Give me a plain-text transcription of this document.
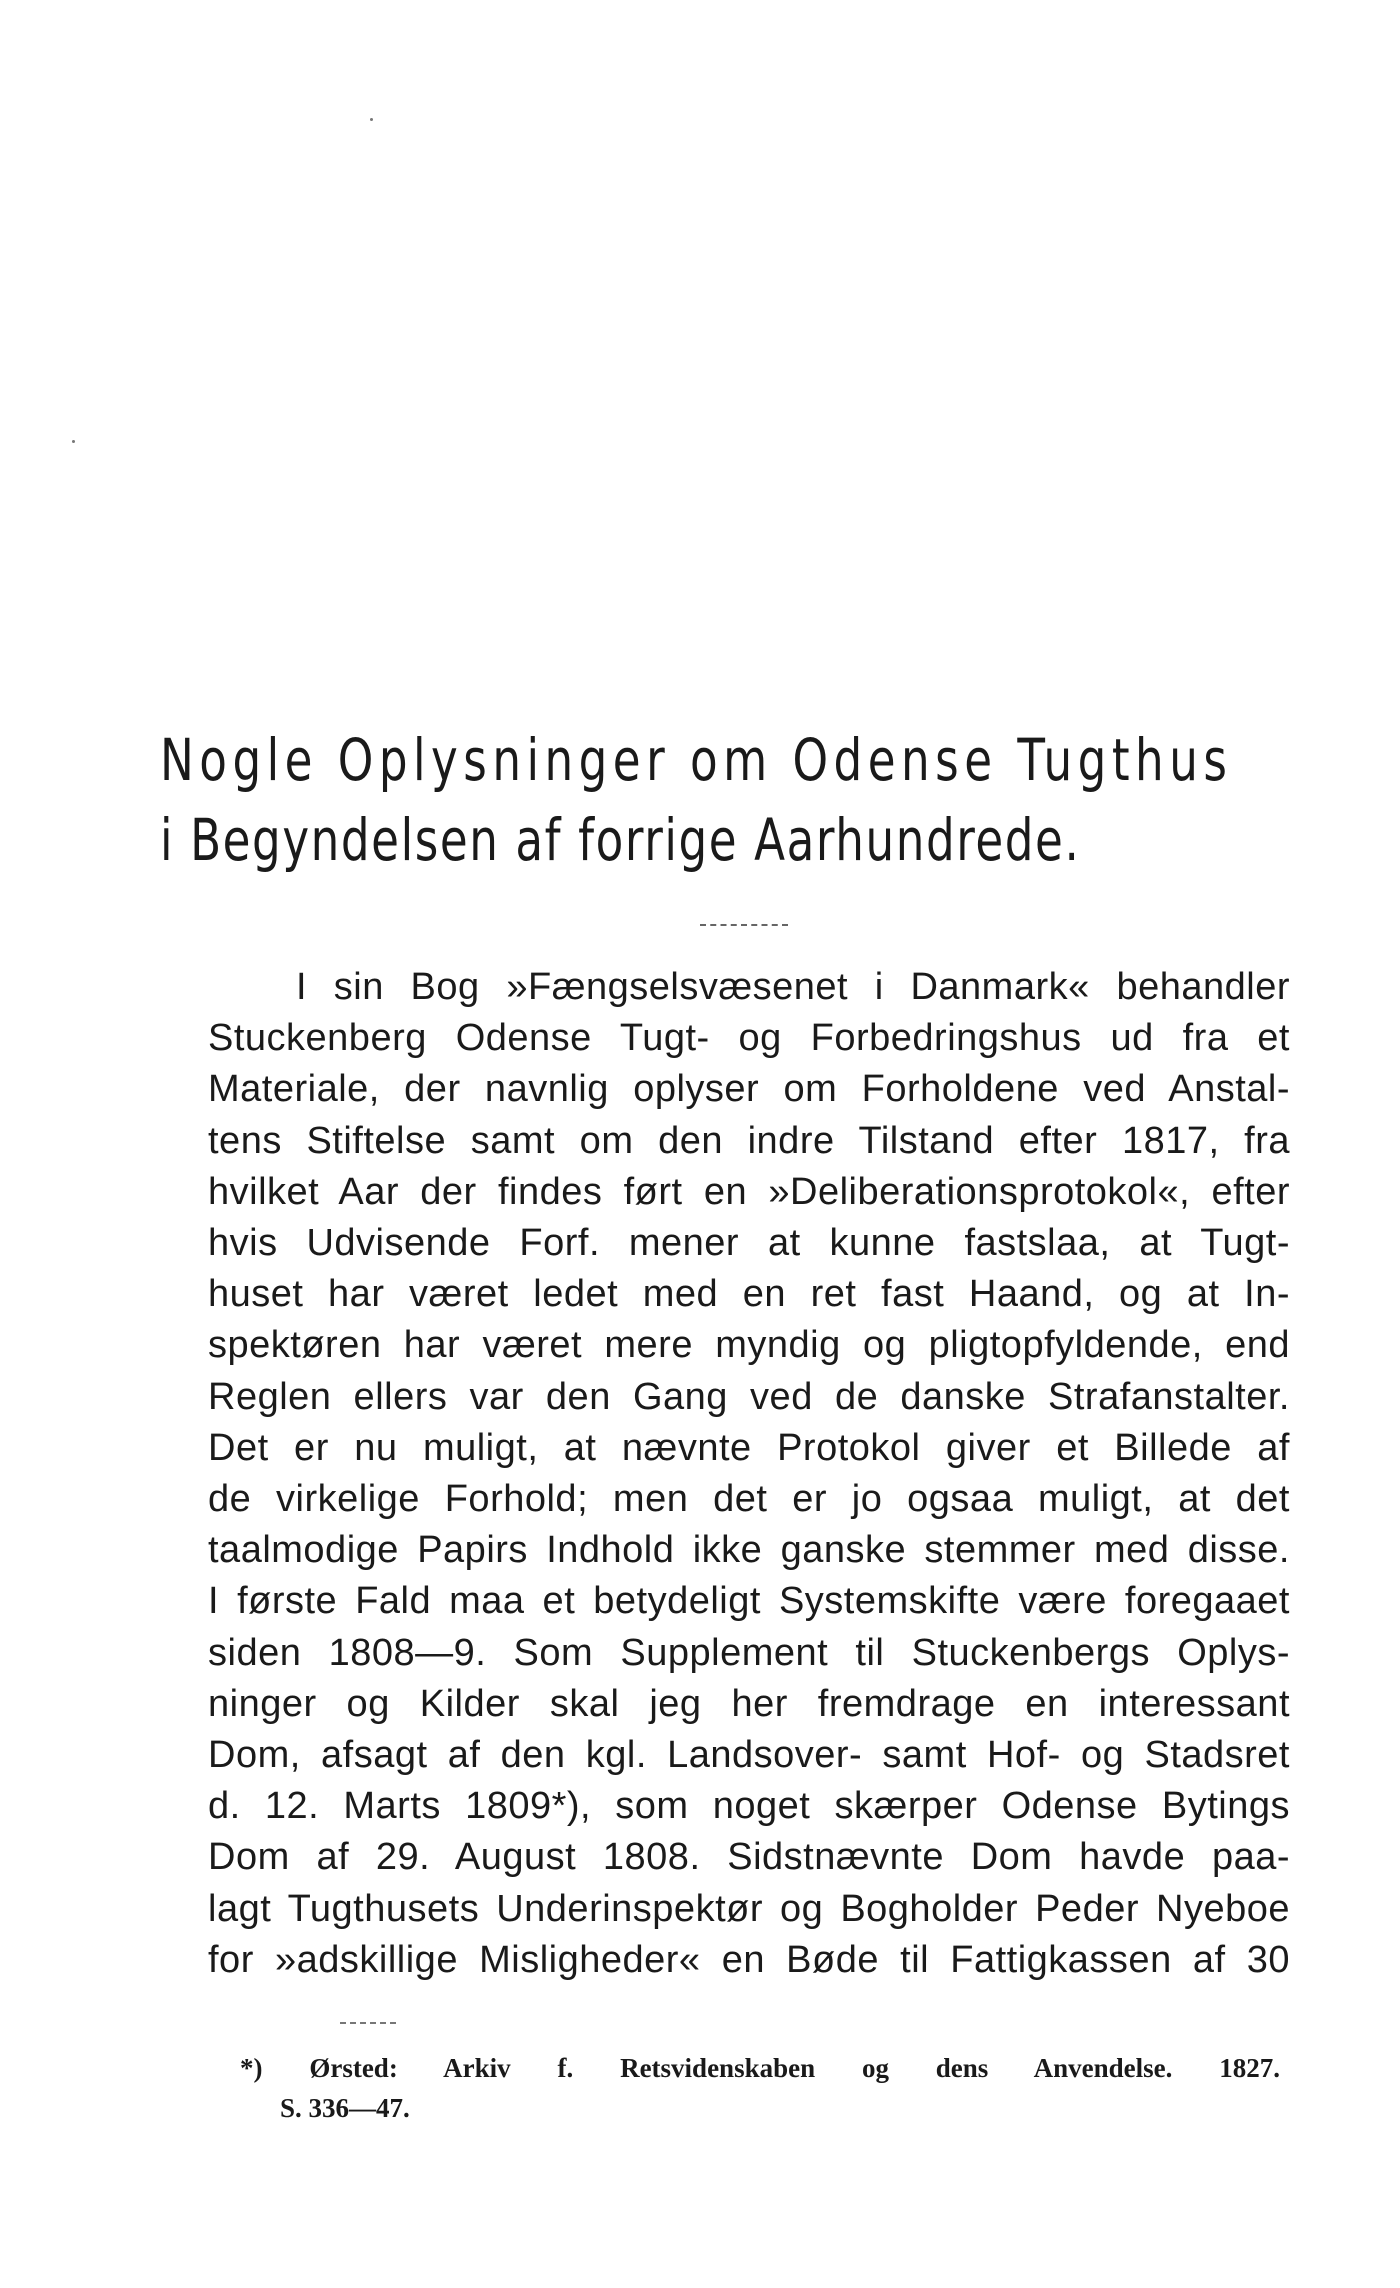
Nogle Oplysninger om Odense Tugthus
i Begyndelsen af forrige Aarhundrede.
I sin Bog »Fængselsvæsenet i Danmark« behandler
Stuckenberg Odense Tugt- og Forbedringshus ud fra et
Materiale, der navnlig oplyser om Forholdene ved Anstal-
tens Stiftelse samt om den indre Tilstand efter 1817, fra
hvilket Aar der findes ført en »Deliberationsprotokol«, efter
hvis Udvisende Forf. mener at kunne fastslaa, at Tugt-
huset har været ledet med en ret fast Haand, og at In-
spektøren har været mere myndig og pligtopfyldende, end
Reglen ellers var den Gang ved de danske Strafanstalter.
Det er nu muligt, at nævnte Protokol giver et Billede af
de virkelige Forhold; men det er jo ogsaa muligt, at det
taalmodige Papirs Indhold ikke ganske stemmer med disse.
I første Fald maa et betydeligt Systemskifte være foregaaet
siden 1808—9. Som Supplement til Stuckenbergs Oplys-
ninger og Kilder skal jeg her fremdrage en interessant
Dom, afsagt af den kgl. Landsover- samt Hof- og Stadsret
d. 12. Marts 1809*), som noget skærper Odense Bytings
Dom af 29. August 1808. Sidstnævnte Dom havde paa-
lagt Tugthusets Underinspektør og Bogholder Peder Nyeboe
for »adskillige Misligheder« en Bøde til Fattigkassen af 30
*) Ørsted: Arkiv f. Retsvidenskaben og dens Anvendelse. 1827.
S. 336—47.
